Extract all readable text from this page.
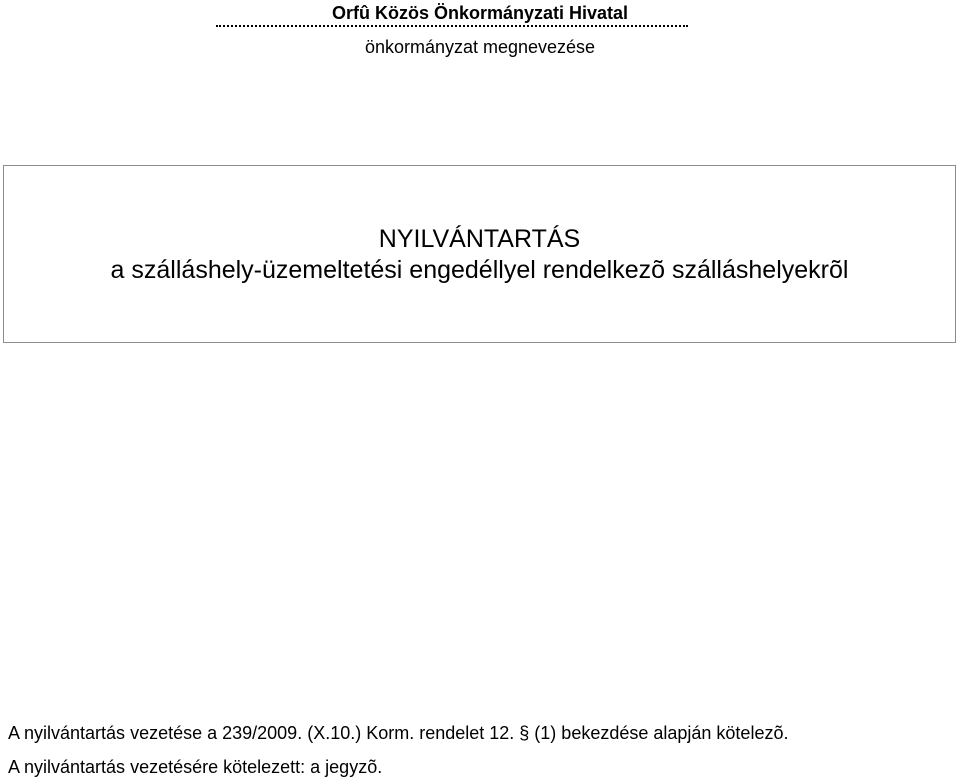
Orfû Közös Önkormányzati Hivatal
önkormányzat megnevezése
NYILVÁNTARTÁS
a szálláshely-üzemeltetési engedéllyel rendelkezõ szálláshelyekrõl
A nyilvántartás vezetése a 239/2009. (X.10.) Korm. rendelet 12. § (1) bekezdése alapján kötelezõ.
A nyilvántartás vezetésére kötelezett: a jegyzõ.
